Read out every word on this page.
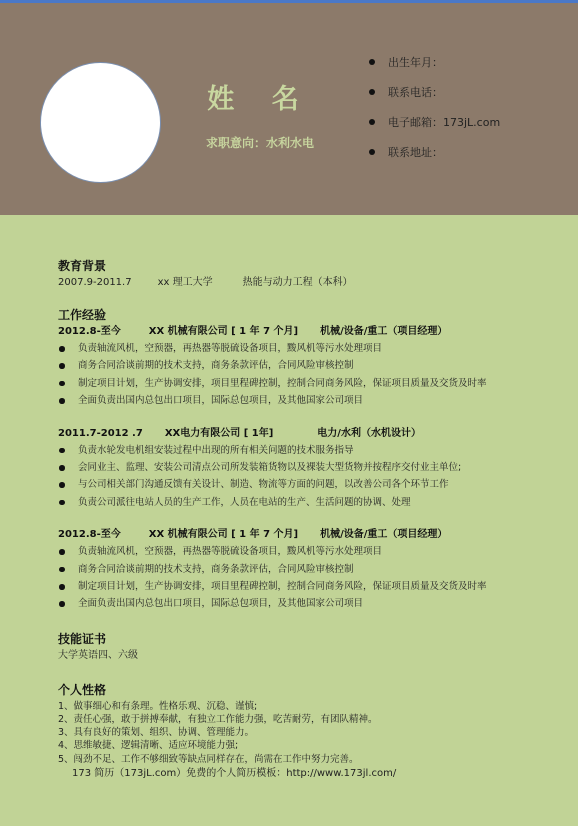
姓 名
求职意向：水利水电
出生年月：
联系电话：
电子邮箱：173jL.com
联系地址：
教育背景
2007.9-2011.7	xx 理工大学	热能与动力工程（本科）
工作经验
2012.8-至今	XX 机械有限公司 [ 1 年 7 个月] 机械/设备/重工（项目经理）
负责轴流风机，空预器，再热器等脱硫设备项目，黢风机等污水处理项目
商务合同洽谈前期的技术支持，商务条款评估，合同风险审核控制
制定项目计划，生产协调安排，项目里程碑控制，控制合同商务风险，保证项目质量及交货及时率
全面负责出国内总包出口项目，国际总包项目，及其他国家公司项目
2011.7-2012 .7 XX电力有限公司 [ 1年]	电力/水利（水机设计）
负责水轮发电机组安装过程中出现的所有相关问题的技术服务指导
会同业主、监理、安装公司清点公司所发装箱货物以及裸装大型货物并按程序交付业主单位;
与公司相关部门沟通反馈有关设计、制造、物流等方面的问题，以改善公司各个环节工作
负责公司派往电站人员的生产工作，人员在电站的生产、生活问题的协调、处理
2012.8-至今	XX 机械有限公司 [ 1 年 7 个月] 机械/设备/重工（项目经理）
负责轴流风机，空预器，再热器等脱硫设备项目，黢风机等污水处理项目
商务合同洽谈前期的技术支持，商务条款评估，合同风险审核控制
制定项目计划，生产协调安排，项目里程碑控制，控制合同商务风险，保证项目质量及交货及时率
全面负责出国内总包出口项目，国际总包项目，及其他国家公司项目
技能证书
大学英语四、六级
个人性格
1、做事细心和有条理。性格乐观、沉稳、谨慎;
2、责任心强，敢于拼搏奉献，有独立工作能力强，吃苦耐劳，有团队精神。
3、具有良好的策划、组织、协调、管理能力。
4、思维敏捷、逻辑清晰、适应环境能力强;
5、闯劲不足、工作不够细致等缺点同样存在，尚需在工作中努力完善。
173 简历（173jL.com）免费的个人简历模板：http://www.173jl.com/
